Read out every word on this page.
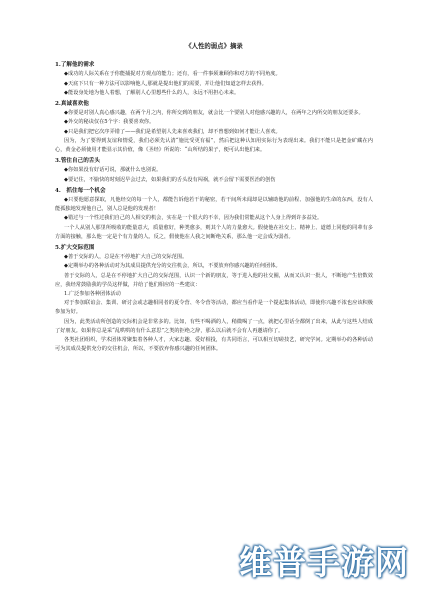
《人性的弱点》摘录
1.了解他的需求

◆成功的人际关系在于你能捕捉对方观点的能力；还有，看一件事须兼顾你和对方的不同角度。

◆天底下只有一种方法可以影响他人,那就是提出他们的需要，并让他们知道怎样去获得。

◆能设身处地为他人着想，了解别人心里想些什么的人，永远不用担心未来。

2.真诚喜欢他

◆你要是对别人真心感兴趣，在两个月之内，你所交到的朋友，就会比一个要别人对他感兴趣的人，在两年之内所交的朋友还要多。

◆外交的秘诀仅在5个字：我要喜欢你。

◆只是我们把它次序弄错了——我们是希望别人先来喜欢我们，却不曾想到如何才能让人喜欢。

因为，为了要得到友谊和情爱，我们必须先认清“施比受更有福”，然后把这种认知用实际行为表现出来。我们不能只是把金矿藏在内心，黄金必须使用才能显示其价值，像《圣经》所说的：“山所结的果子，便可认出他们来。

3.管住自己的舌头

◆你如果没有好话可说，那就什么也别说。

◆要记住，不愉快的时刻迟早会过去，如果我们的舌头没有闯祸，就不会留下需要医治的创伤

4.　抓住每一个机会

◆只要他愿意探取，凡他经交的每一个人，都能告诉他若干的秘密，若干间所未闻却是以辅助他的前程、加强他的生命的东西，没有人能孤独地发现他自己，别人总是他的发现者！

◆错过与一个性过我们自己的人相交的机会，实在是一个很大的不幸，因为我们常能从这个人身上得到许多益处。

一个人从别人那里所吸收的能量意大，质量愈好，种类愈多，则其个人的力量愈大。假使他在社交上、精神上、道德上同他的同辈有多方面的接触，那么他一定是个有力量的人。反之，假使他在人我之间断绝关系，那么他一定会成为弱者。

5.扩大交际范围

◆善于交际的人，总是在不停地扩大自己的交际范围。

◆定期举办的各种活动对为其成员提供充分的交往机会，所以，不要放弃你感兴趣的任何团体。

善于交际的人，总是在不停地扩大自己的交际范围，认识一个新的朋友，等于进入他的社交圈，从而又认识一批人，不断地产生倍数效应，我经常鼓励我的学员这样做，并给了他们相应的一些建议：

1.广泛参加各种团体活动

对于参加联谊会、集训、研讨会或志趣相同者的夏令营、冬令营等活动，都应当看作是一个提起集体活动，即使你兴趣不浓也应该积极参加为好。

因为，此类活动所创造的交际机会是非常多的。比如，有些不喝酒的人，稍微喝了一点，就把心里话全都倒了出来，从此与这些人结成了好朋友。如果你总是采“乱哄哄的有什么意思”之类的拒绝之辞，那么以后就不会有人再邀请你了。

各类社团组织，学术团体常聚集着各种人才，大家志趣、爱好相投，有共同语言，可以相互切磋技艺，研究学问。定期举办的各种活动可为其成员提供充分的交往机会，所以，不要放弃你感兴趣的任何团体。

维普手游网
